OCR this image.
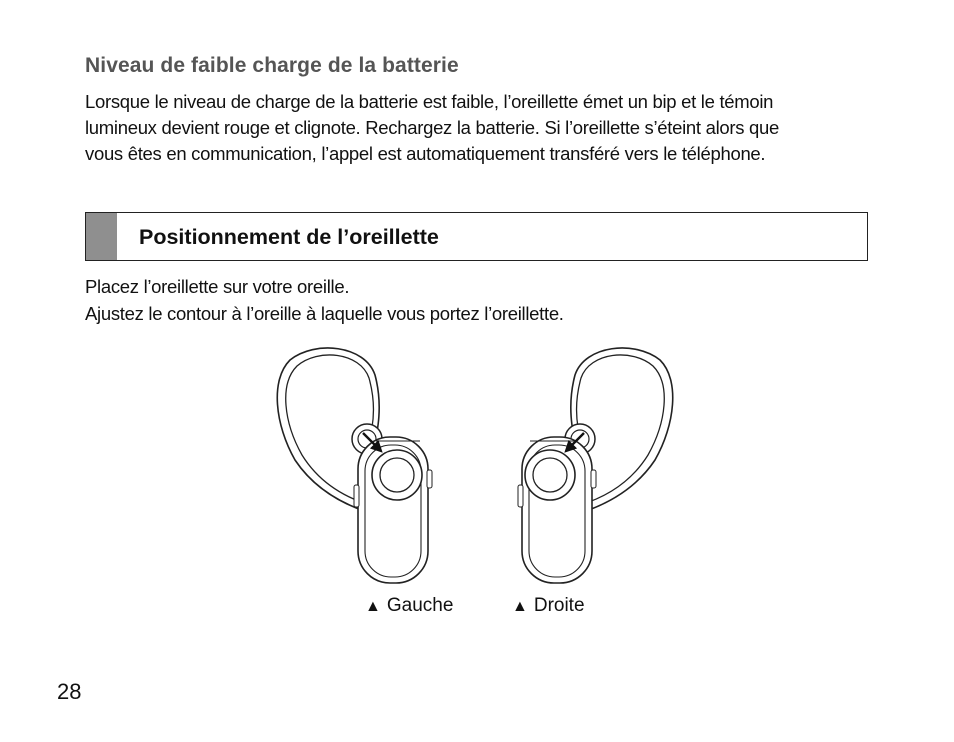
Niveau de faible charge de la batterie

Lorsque le niveau de charge de la batterie est faible, l’oreillette émet un bip et le témoin
lumineux devient rouge et clignote. Rechargez la batterie. Si l’oreillette s’éteint alors que
vous êtes en communication, l’appel est automatiquement transféré vers le téléphone.

Positionnement de l’oreillette

Placez l’oreillette sur votre oreille.
Ajustez le contour à l’oreille à laquelle vous portez l’oreillette.

▲ Gauche	▲ Droite
28
